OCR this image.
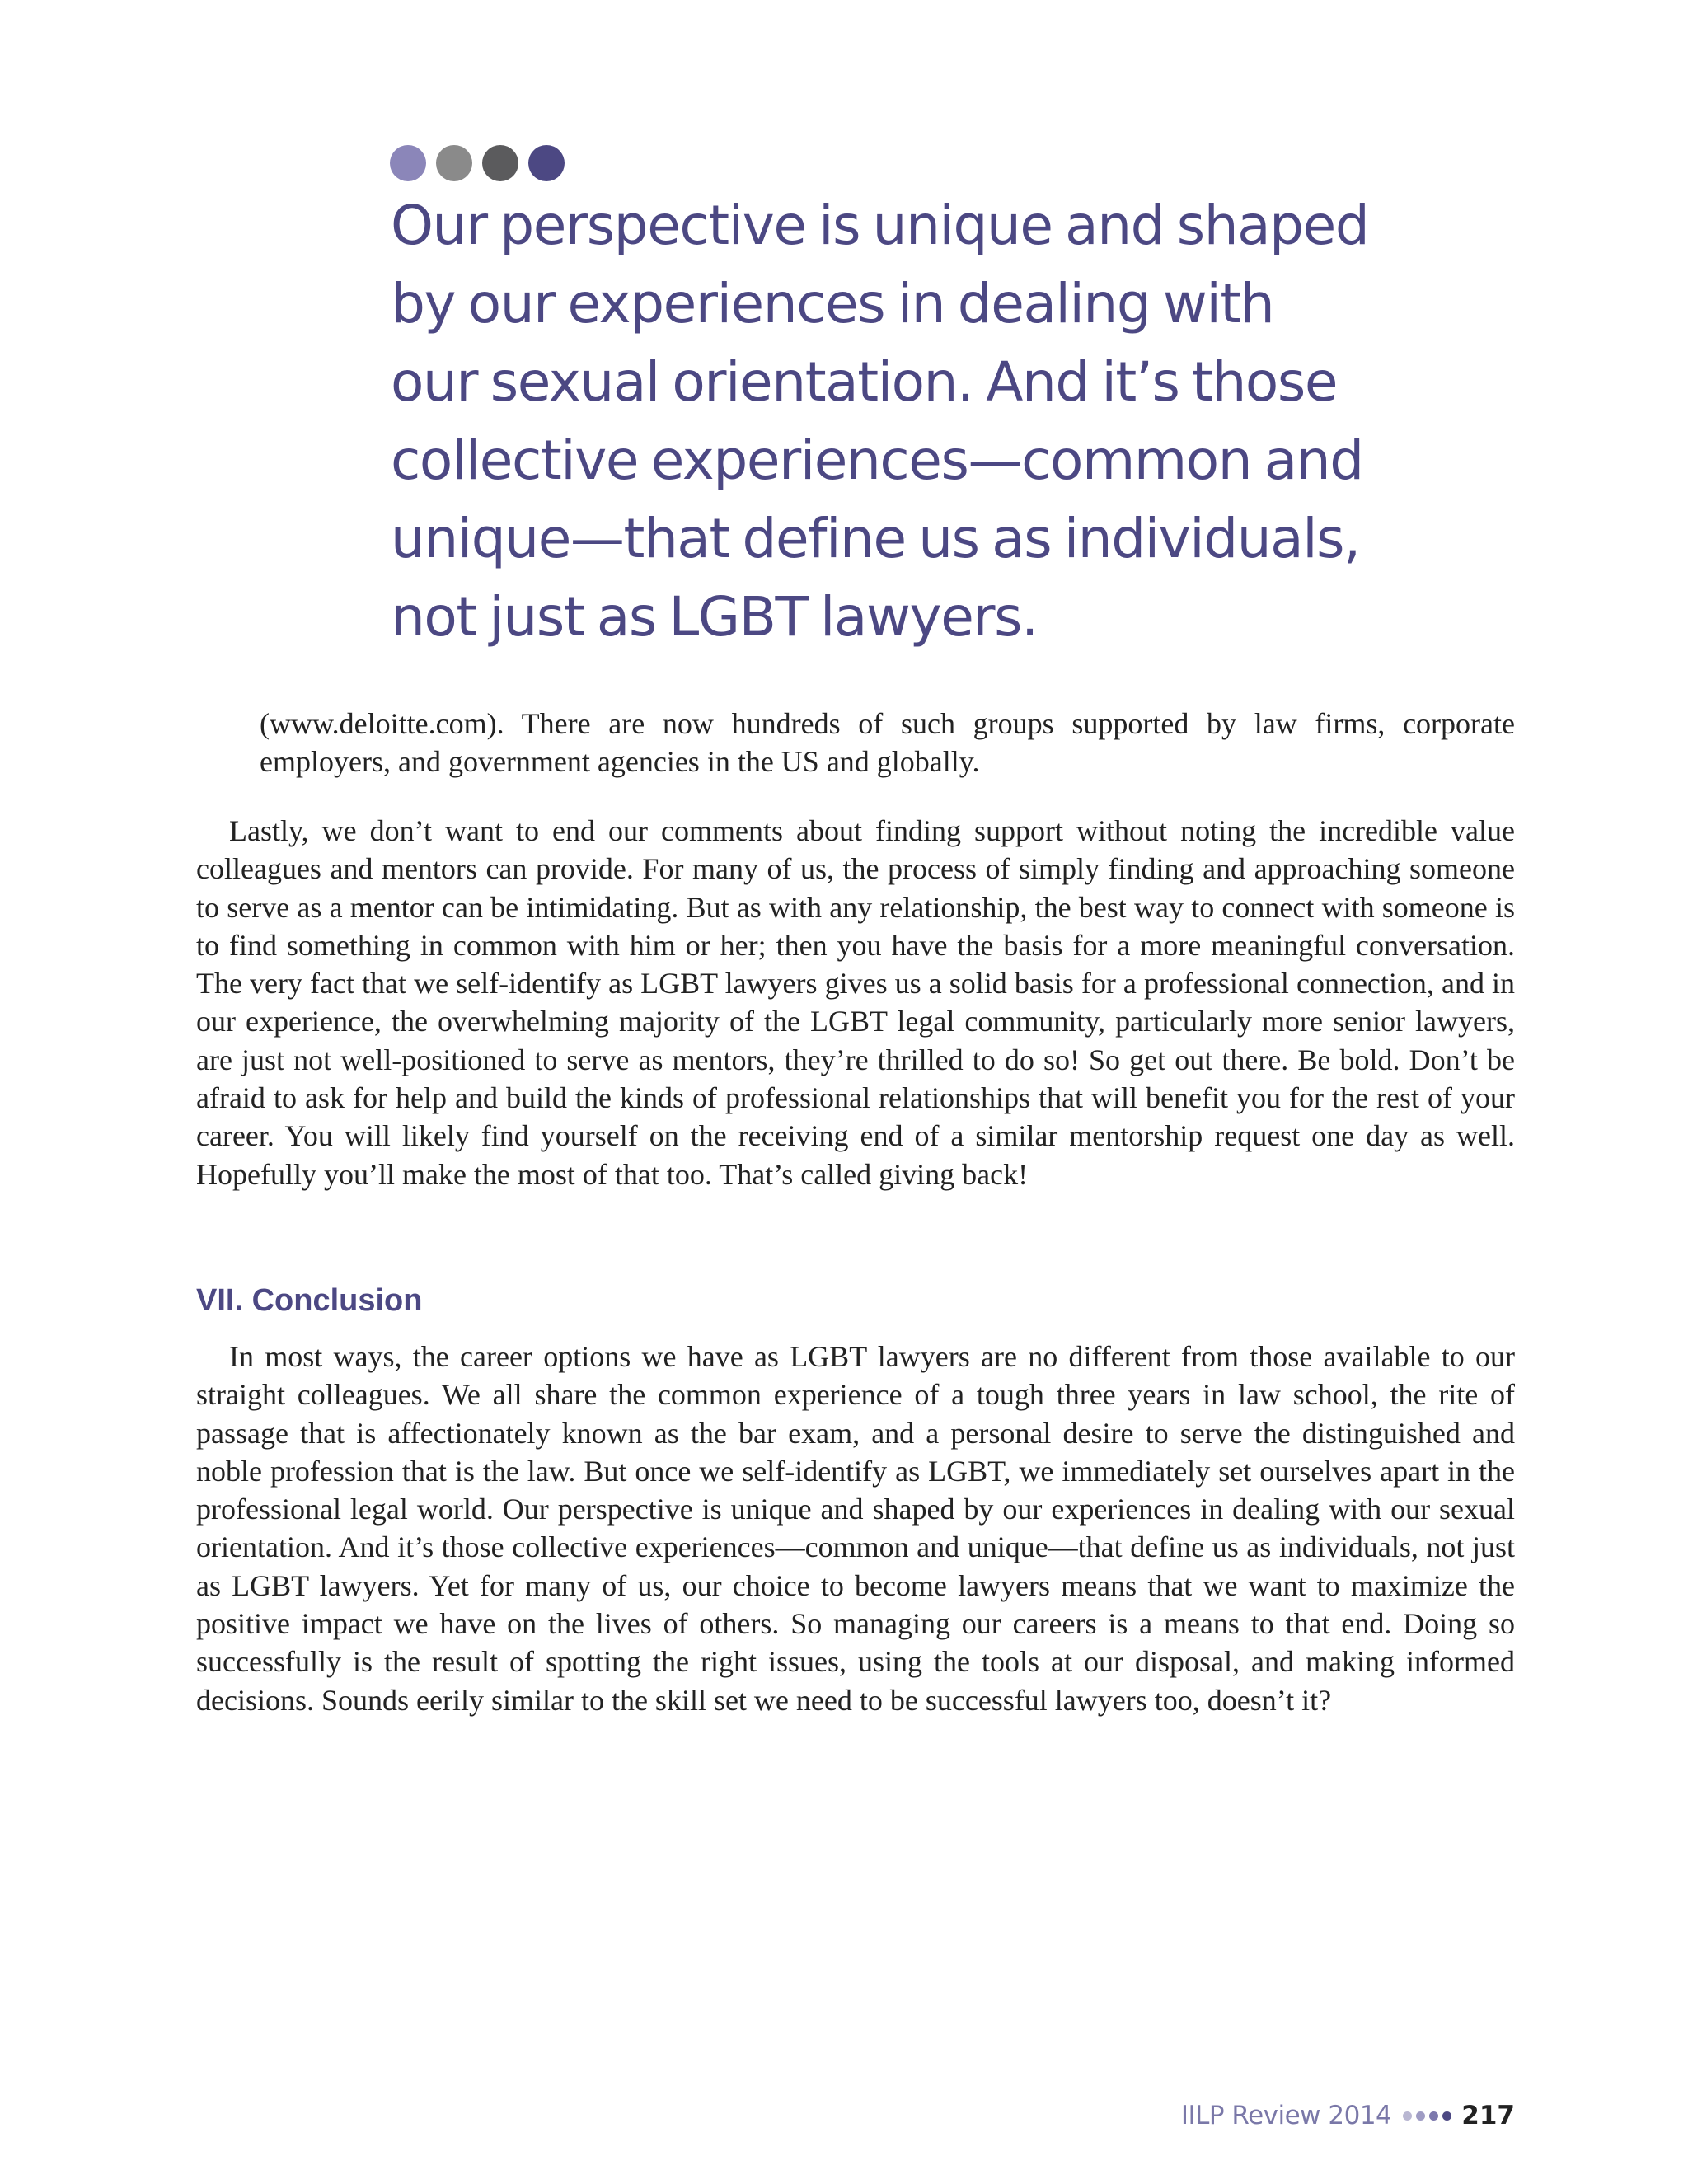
Our perspective is unique and shaped
by our experiences in dealing with
our sexual orientation. And it’s those
collective experiences—common and
unique—that define us as individuals,
not just as LGBT lawyers.

(www.deloitte.com). There are now hundreds of such groups supported by law firms, corporate employers, and government agencies in the US and globally.

Lastly, we don’t want to end our comments about finding support without noting the incredible value colleagues and mentors can provide. For many of us, the process of simply finding and approaching someone to serve as a mentor can be intimidating. But as with any relationship, the best way to connect with someone is to find something in common with him or her; then you have the basis for a more meaningful conversation. The very fact that we self-identify as LGBT lawyers gives us a solid basis for a professional connection, and in our experience, the overwhelming majority of the LGBT legal community, particularly more senior lawyers, are just not well-positioned to serve as mentors, they’re thrilled to do so! So get out there. Be bold. Don’t be afraid to ask for help and build the kinds of professional relationships that will benefit you for the rest of your career. You will likely find yourself on the receiving end of a similar mentorship request one day as well. Hopefully you’ll make the most of that too. That’s called giving back!

VII. Conclusion

In most ways, the career options we have as LGBT lawyers are no different from those available to our straight colleagues. We all share the common experience of a tough three years in law school, the rite of passage that is affectionately known as the bar exam, and a personal desire to serve the distinguished and noble profession that is the law. But once we self-identify as LGBT, we immediately set ourselves apart in the professional legal world. Our perspective is unique and shaped by our experiences in dealing with our sexual orientation. And it’s those collective experiences—common and unique—that define us as individuals, not just as LGBT lawyers. Yet for many of us, our choice to become lawyers means that we want to maximize the positive impact we have on the lives of others. So managing our careers is a means to that end. Doing so successfully is the result of spotting the right issues, using the tools at our disposal, and making informed decisions. Sounds eerily similar to the skill set we need to be successful lawyers too, doesn’t it?

IILP Review 2014	217
